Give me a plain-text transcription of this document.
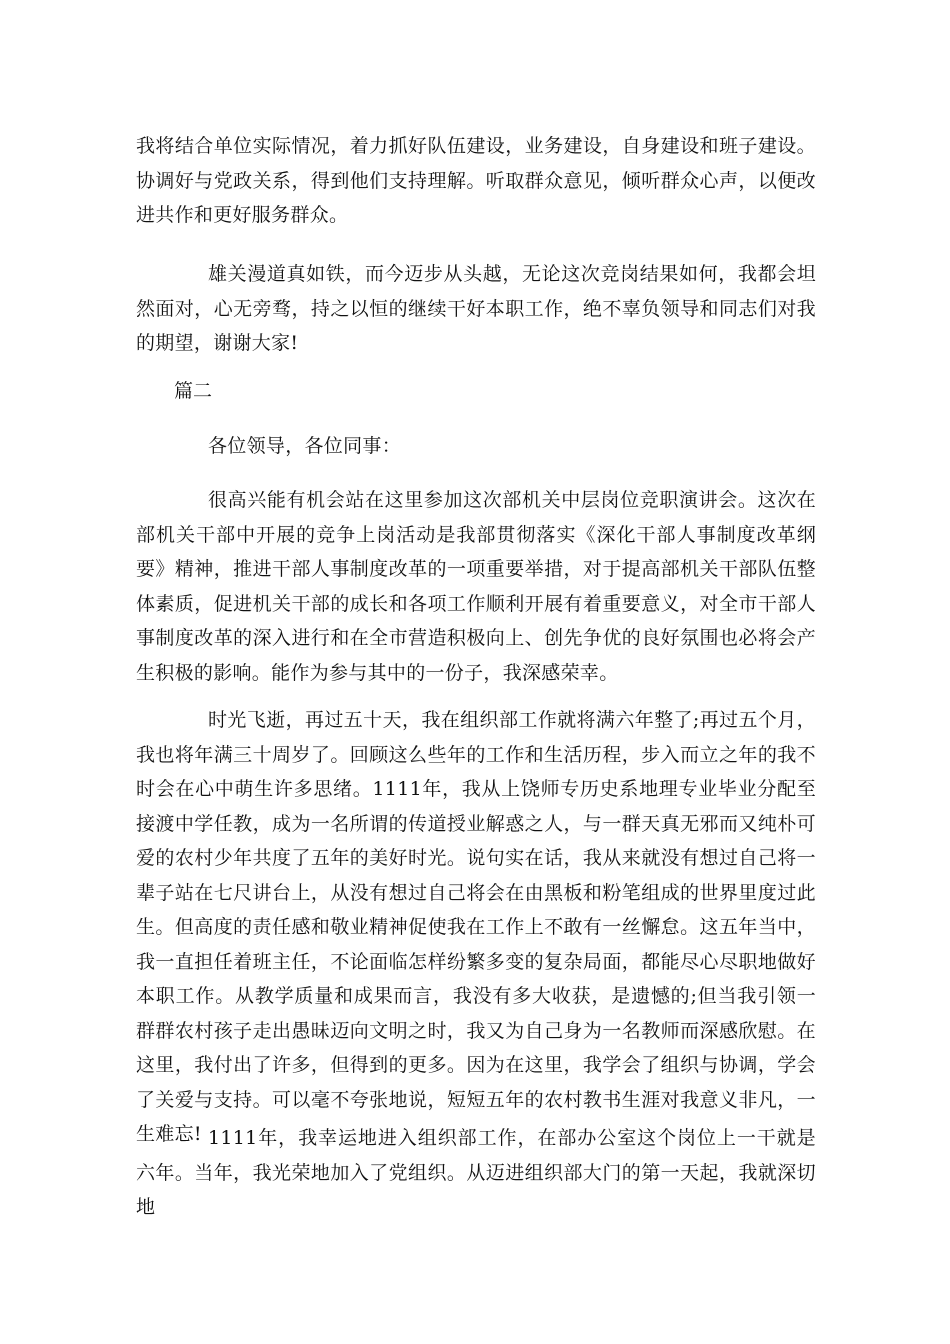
我将结合单位实际情况，着力抓好队伍建设，业务建设，自身建设和班子建设。协调好与党政关系，得到他们支持理解。听取群众意见，倾听群众心声，以便改进共作和更好服务群众。

雄关漫道真如铁，而今迈步从头越，无论这次竞岗结果如何，我都会坦然面对，心无旁骛，持之以恒的继续干好本职工作，绝不辜负领导和同志们对我的期望，谢谢大家!

篇二

各位领导，各位同事：

很高兴能有机会站在这里参加这次部机关中层岗位竞职演讲会。这次在部机关干部中开展的竞争上岗活动是我部贯彻落实《深化干部人事制度改革纲要》精神，推进干部人事制度改革的一项重要举措，对于提高部机关干部队伍整体素质，促进机关干部的成长和各项工作顺利开展有着重要意义，对全市干部人事制度改革的深入进行和在全市营造积极向上、创先争优的良好氛围也必将会产生积极的影响。能作为参与其中的一份子，我深感荣幸。

时光飞逝，再过五十天，我在组织部工作就将满六年整了;再过五个月，我也将年满三十周岁了。回顾这么些年的工作和生活历程，步入而立之年的我不时会在心中萌生许多思绪。1111年，我从上饶师专历史系地理专业毕业分配至接渡中学任教，成为一名所谓的传道授业解惑之人，与一群天真无邪而又纯朴可爱的农村少年共度了五年的美好时光。说句实在话，我从来就没有想过自己将一辈子站在七尺讲台上，从没有想过自己将会在由黑板和粉笔组成的世界里度过此生。但高度的责任感和敬业精神促使我在工作上不敢有一丝懈怠。这五年当中，我一直担任着班主任，不论面临怎样纷繁多变的复杂局面，都能尽心尽职地做好本职工作。从教学质量和成果而言，我没有多大收获，是遗憾的;但当我引领一群群农村孩子走出愚昧迈向文明之时，我又为自己身为一名教师而深感欣慰。在这里，我付出了许多，但得到的更多。因为在这里，我学会了组织与协调，学会了关爱与支持。可以毫不夸张地说，短短五年的农村教书生涯对我意义非凡，一生难忘! 1111年，我幸运地进入组织部工作，在部办公室这个岗位上一干就是六年。当年，我光荣地加入了党组织。从迈进组织部大门的第一天起，我就深切地
